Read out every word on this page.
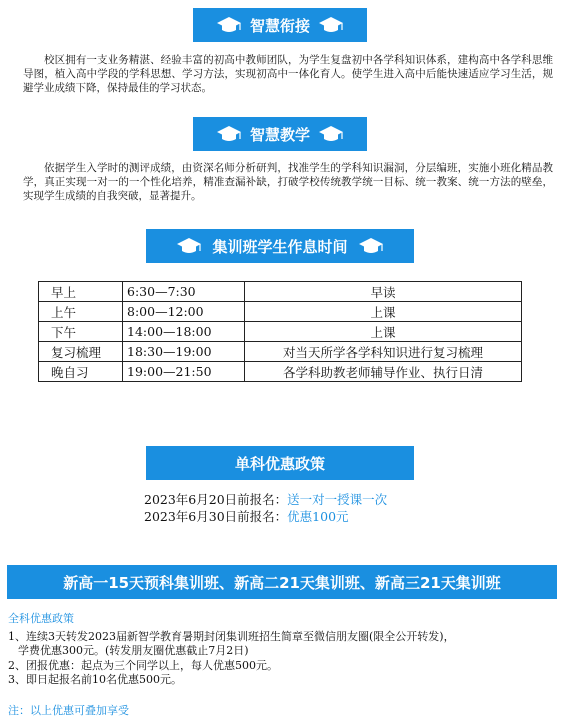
智慧衔接
校区拥有一支业务精湛、经验丰富的初高中教师团队，为学生复盘初中各学科知识体系，建构高中各学科思维导图，植入高中学段的学科思想、学习方法，实现初高中一体化育人。使学生进入高中后能快速适应学习生活，规避学业成绩下降，保持最佳的学习状态。
智慧教学
依据学生入学时的测评成绩，由资深名师分析研判，找准学生的学科知识漏洞，分层编班，实施小班化精品教学，真正实现一对一的一个性化培养，精准查漏补缺，打破学校传统教学统一目标、统一教案、统一方法的壁垒，实现学生成绩的自我突破，显著提升。
集训班学生作息时间
早上	6:30—7:30	早读
上午	8:00—12:00	上课
下午	14:00—18:00	上课
复习梳理	18:30—19:00	对当天所学各学科知识进行复习梳理
晚自习	19:00—21:50	各学科助教老师辅导作业、执行日清
单科优惠政策
2023年6月20日前报名：送一对一授课一次
2023年6月30日前报名：优惠100元
新高一15天预科集训班、新高二21天集训班、新高三21天集训班
全科优惠政策
1、连续3天转发2023届新智学教育暑期封闭集训班招生简章至微信朋友圈(限全公开转发)，
学费优惠300元。(转发朋友圈优惠截止7月2日)
2、团报优惠：起点为三个同学以上，每人优惠500元。
3、即日起报名前10名优惠500元。
注：以上优惠可叠加享受
